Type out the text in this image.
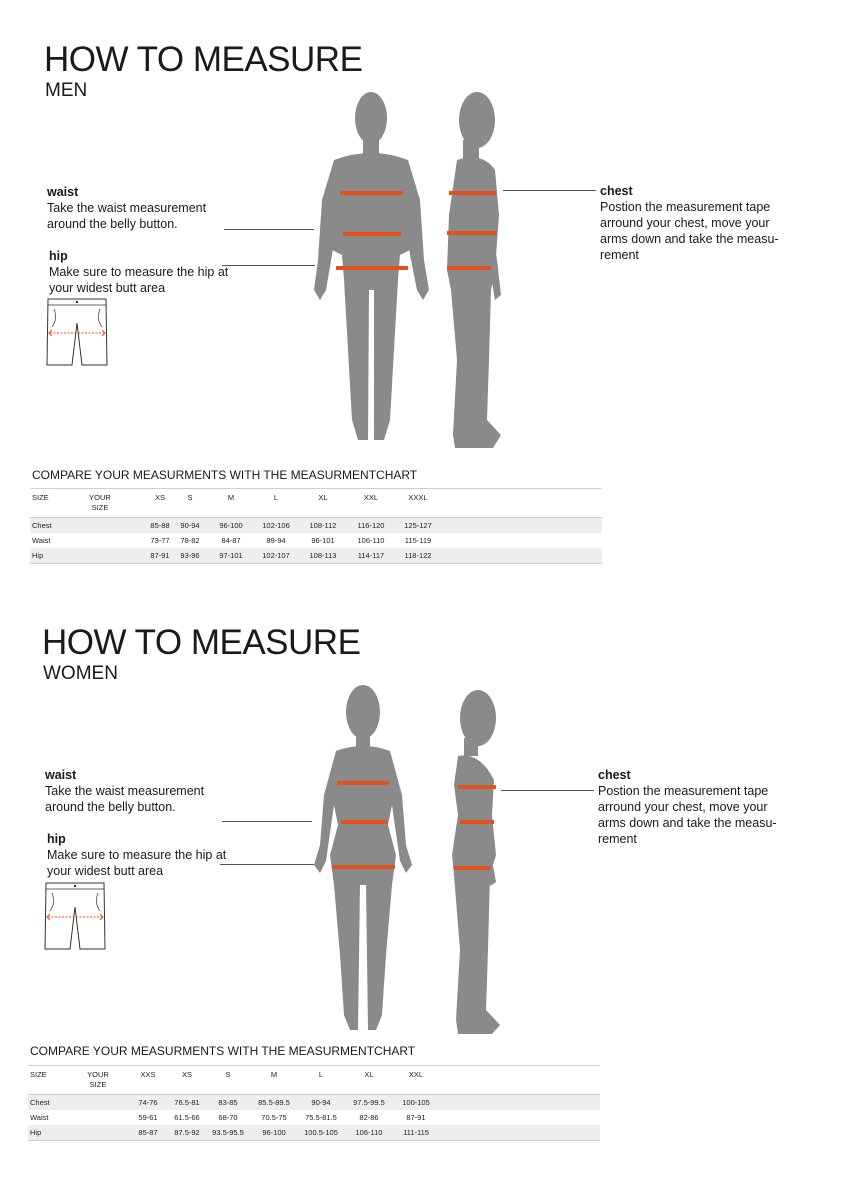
HOW TO MEASURE
MEN
waist
Take the waist measurement around the belly button.
hip
Make sure to measure the hip at your widest butt area
chest
Postion the measurement tape arround your chest, move your arms down and take the measu-rement
COMPARE YOUR MEASURMENTS WITH THE MEASURMENTCHART
SIZE	YOUR SIZE
XS	S	M	L	XL	XXL	XXXL
Chest	85-88	90-94	96-100	102-106	108-112	116-120	125-127
Waist	73-77	78-82	84-87	89-94	96-101	106-110	115-119
Hip	87-91	93-96	97-101	102-107	108-113	114-117	118-122
HOW TO MEASURE
WOMEN
waist
Take the waist measurement around the belly button.
hip
Make sure to measure the hip at your widest butt area
chest
Postion the measurement tape arround your chest, move your arms down and take the measu-rement
COMPARE YOUR MEASURMENTS WITH THE MEASURMENTCHART
SIZE	YOUR SIZE
XXS	XS	S	M	L	XL	XXL
Chest	74-76	76.5-81	83-85	85.5-89.5	90-94	97.5-99.5	100-105
Waist	59-61	61.5-66	68-70	70.5-75	75.5-81.5	82-86	87-91
Hip	85-87	87.5-92	93.5-95.5	96-100	100.5-105	106-110	111-115
